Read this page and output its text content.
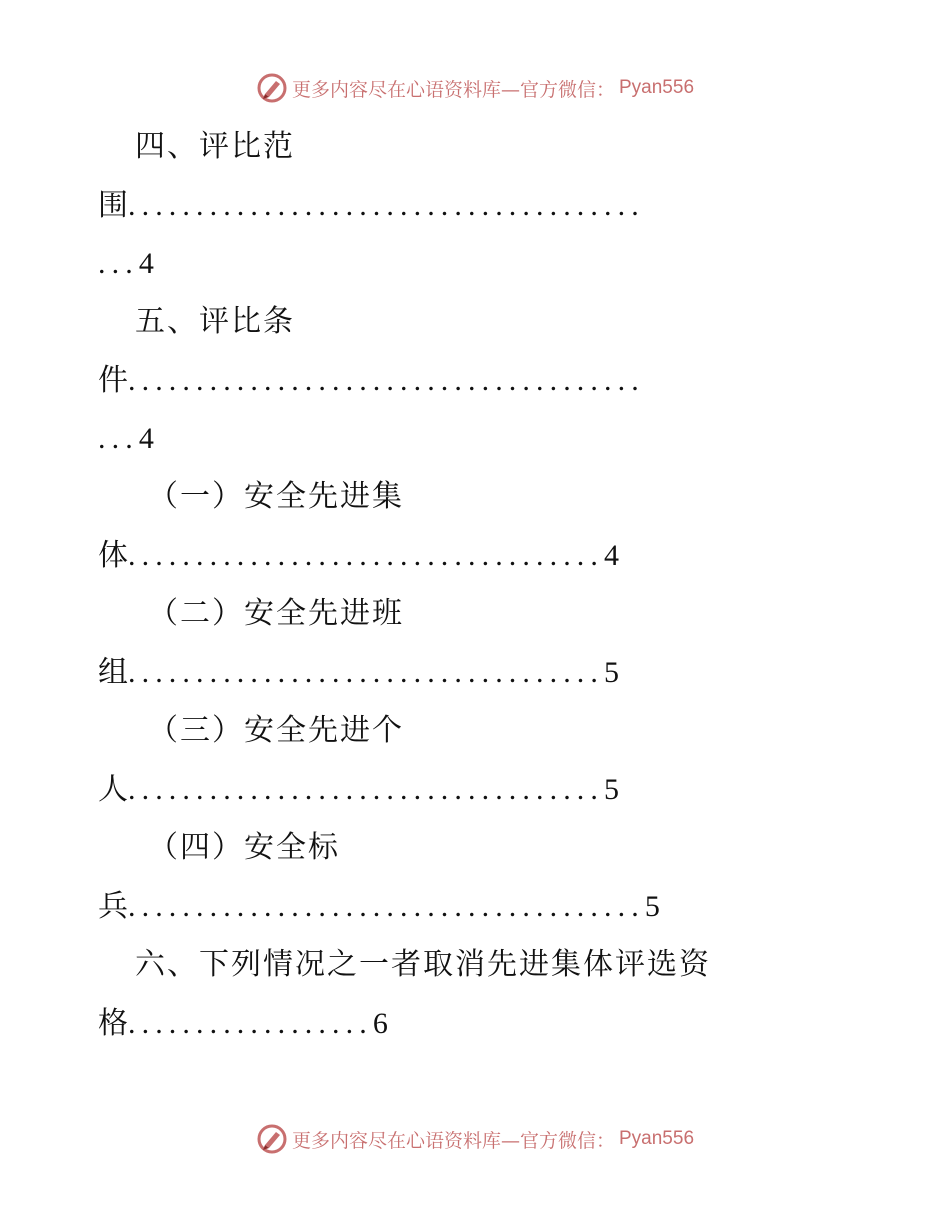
更多内容尽在心语资料库—官方微信： Pyan556
四、评比范
围......................................
...4
五、评比条
件......................................
...4
（一）安全先进集
体...................................4
（二）安全先进班
组...................................5
（三）安全先进个
人...................................5
（四）安全标
兵......................................5
六、下列情况之一者取消先进集体评选资
格..................6
更多内容尽在心语资料库—官方微信： Pyan556
